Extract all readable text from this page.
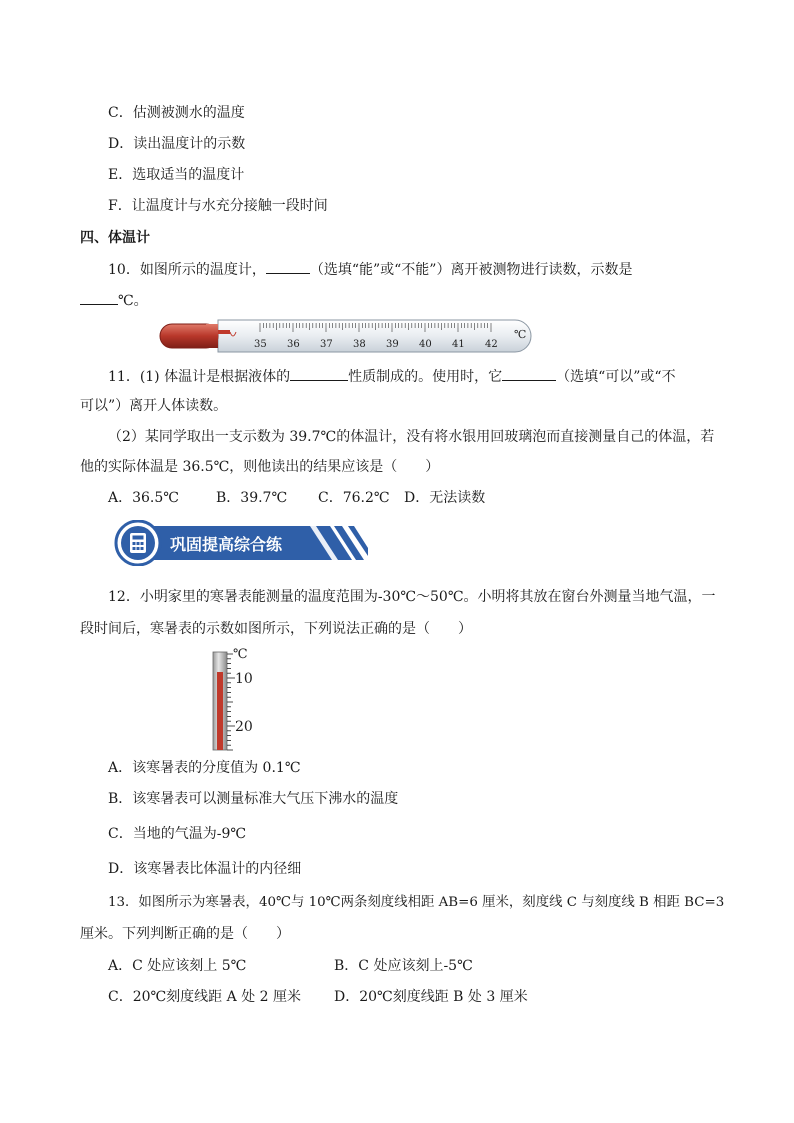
C．估测被测水的温度
D．读出温度计的示数
E．选取适当的温度计
F．让温度计与水充分接触一段时间
四、体温计
10．如图所示的温度计，	（选填“能”或“不能”）离开被测物进行读数，示数是
℃。
35 36 37 38 39 40 41 42
℃
11．(1) 体温计是根据液体的	性质制成的。使用时，它	（选填“可以”或“不
可以”）离开人体读数。
（2）某同学取出一支示数为 39.7℃的体温计，没有将水银用回玻璃泡而直接测量自己的体温，若
他的实际体温是 36.5℃，则他读出的结果应该是（　　）
A．36.5℃	B．39.7℃ C．76.2℃ D．无法读数
巩固提高综合练
12．小明家里的寒暑表能测量的温度范围为-30℃～50℃。小明将其放在窗台外测量当地气温，一
段时间后，寒暑表的示数如图所示，下列说法正确的是（　　）
℃
10
20
A．该寒暑表的分度值为 0.1℃
B．该寒暑表可以测量标准大气压下沸水的温度
C．当地的气温为-9℃
D．该寒暑表比体温计的内径细
13．如图所示为寒暑表，40℃与 10℃两条刻度线相距 AB=6 厘米，刻度线 C 与刻度线 B 相距 BC=3
厘米。下列判断正确的是（　　）
A．C 处应该刻上 5℃	B．C 处应该刻上-5℃
C．20℃刻度线距 A 处 2 厘米 D．20℃刻度线距 B 处 3 厘米
